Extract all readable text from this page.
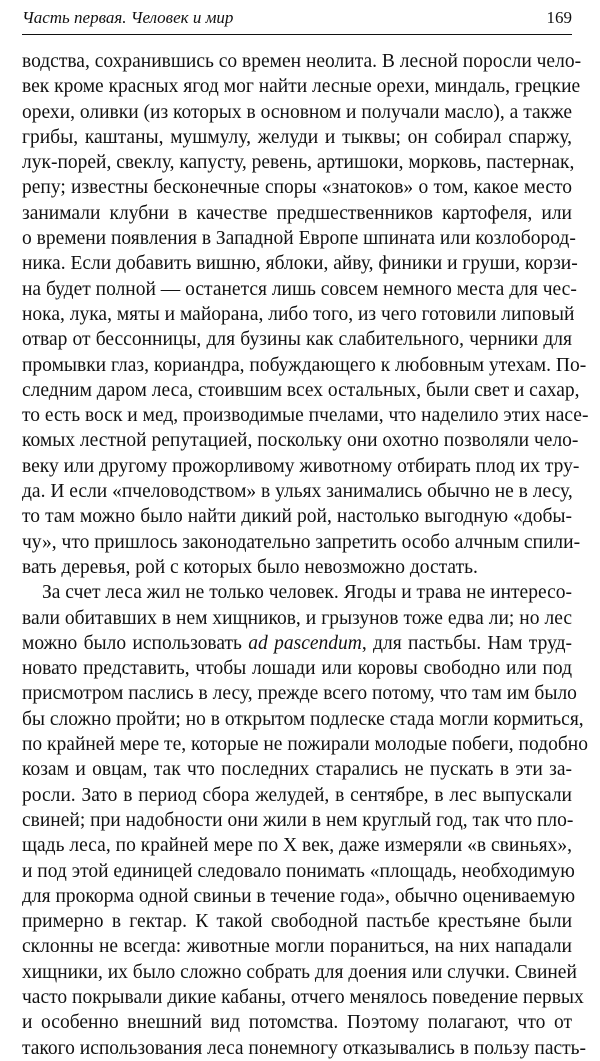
Часть первая. Человек и мир	169
водства, сохранившись со времен неолита. В лесной поросли чело-
век кроме красных ягод мог найти лесные орехи, миндаль, грецкие
орехи, оливки (из которых в основном и получали масло), а также
грибы, каштаны, мушмулу, желуди и тыквы; он собирал спаржу,
лук-порей, свеклу, капусту, ревень, артишоки, морковь, пастернак,
репу; известны бесконечные споры «знатоков» о том, какое место
занимали клубни в качестве предшественников картофеля, или
о времени появления в Западной Европе шпината или козлобород-
ника. Если добавить вишню, яблоки, айву, финики и груши, корзи-
на будет полной — останется лишь совсем немного места для чес-
нока, лука, мяты и майорана, либо того, из чего готовили липовый
отвар от бессонницы, для бузины как слабительного, черники для
промывки глаз, кориандра, побуждающего к любовным утехам. По-
следним даром леса, стоившим всех остальных, были свет и сахар,
то есть воск и мед, производимые пчелами, что наделило этих насе-
комых лестной репутацией, поскольку они охотно позволяли чело-
веку или другому прожорливому животному отбирать плод их тру-
да. И если «пчеловодством» в ульях занимались обычно не в лесу,
то там можно было найти дикий рой, настолько выгодную «добы-
чу», что пришлось законодательно запретить особо алчным спили-
вать деревья, рой с которых было невозможно достать.
За счет леса жил не только человек. Ягоды и трава не интересо-
вали обитавших в нем хищников, и грызунов тоже едва ли; но лес
можно было использовать ad pascendum, для пастьбы. Нам труд-
новато представить, чтобы лошади или коровы свободно или под
присмотром паслись в лесу, прежде всего потому, что там им было
бы сложно пройти; но в открытом подлеске стада могли кормиться,
по крайней мере те, которые не пожирали молодые побеги, подобно
козам и овцам, так что последних старались не пускать в эти за-
росли. Зато в период сбора желудей, в сентябре, в лес выпускали
свиней; при надобности они жили в нем круглый год, так что пло-
щадь леса, по крайней мере по X век, даже измеряли «в свиньях»,
и под этой единицей следовало понимать «площадь, необходимую
для прокорма одной свиньи в течение года», обычно оцениваемую
примерно в гектар. К такой свободной пастьбе крестьяне были
склонны не всегда: животные могли пораниться, на них нападали
хищники, их было сложно собрать для доения или случки. Свиней
часто покрывали дикие кабаны, отчего менялось поведение первых
и особенно внешний вид потомства. Поэтому полагают, что от
такого использования леса понемногу отказывались в пользу пасть-
